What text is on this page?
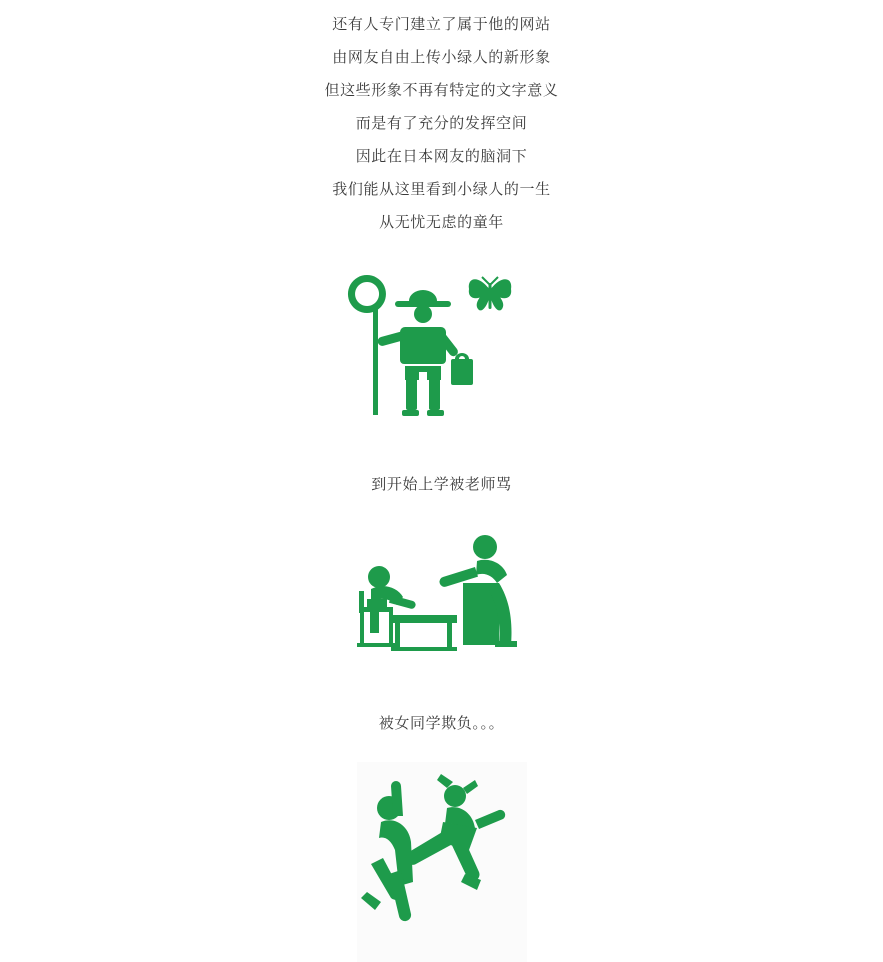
还有人专门建立了属于他的网站
由网友自由上传小绿人的新形象
但这些形象不再有特定的文字意义
而是有了充分的发挥空间
因此在日本网友的脑洞下
我们能从这里看到小绿人的一生
从无忧无虑的童年
到开始上学被老师骂
被女同学欺负。。。
